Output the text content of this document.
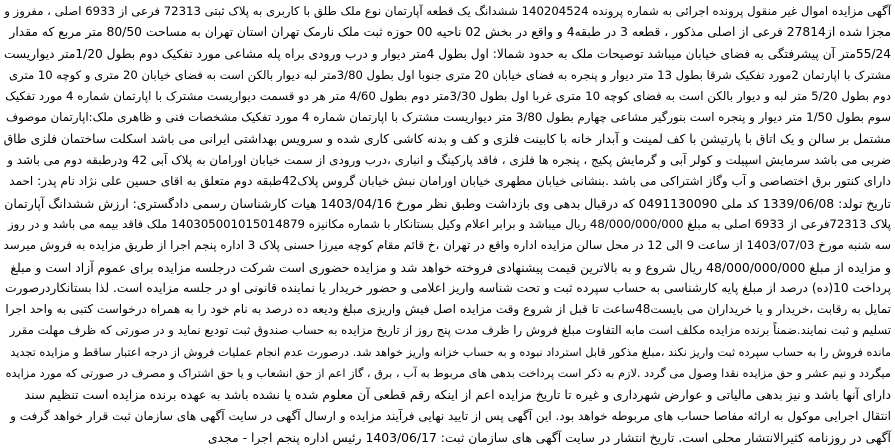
آگهی مزایده اموال غیر منقول پرونده اجرائی به شماره پرونده 140204524 ششدانگ یک قطعه آپارتمان نوع ملک طلق با کاربری به پلاک ثبتی 72313 فرعی از 6933 اصلی ، مفروز و
مجزا شده از27814 فرعی از اصلی مذکور ، قطعه 3 در طبقه4 و واقع در بخش 02 ناحیه 00 حوزه ثبت ملک نارمک تهران استان تهران به مساحت 80/50 متر مربع که مقدار
55/24متر آن پیشرفتگی به فضای خیابان میباشد توصیحات ملک به حدود شمالا: اول بطول 4متر دیوار و درب ورودی براه پله مشاعی مورد تفکیک دوم بطول 1/20متر دیواریست
مشترک با اپارتمان 2مورد تفکیک شرقا بطول 13 متر دیوار و پنجره به فضای خیابان 20 متری جنوبا اول بطول 3/80متر لبه دیوار بالکن است به فضای خیابان 20 متری و کوچه 10 متری
دوم بطول 5/20 متر لبه و دیوار بالکن است به فضای کوچه 10 متری غربا اول بطول 3/30متر دوم بطول 4/60 متر هر دو قسمت دیواریست مشترک با اپارتمان شماره 4 مورد تفکیک
سوم بطول 1/50 متر دیوار و پنجره است بنورگیر مشاعی چهارم بطول 3/80 متر دیواریست مشترک با اپارتمان شماره 4 مورد تفکیک مشخصات فنی و ظاهری ملک:اپارتمان موصوف
مشتمل بر سالن و یک اتاق با پارتیشن با کف لمینت و آبدار خانه با کابینت فلزی و کف و بدنه کاشی کاری شده و سرویس بهداشتی ایرانی می باشد اسکلت ساختمان فلزی طاق
ضربی می باشد سرمایش اسپیلت و کولر آبی و گرمایش پکیج ، پنجره ها فلزی ، فاقد پارکینگ و انباری ،درب ورودی از سمت خیابان اورامان به پلاک آبی 42 ودرطبقه دوم می باشد و
دارای کنتور برق اختصاصی و آب وگاز اشتراکی می باشد .بنشانی خیابان مطهری خیابان اورامان نبش خیابان گروس پلاک42طبقه دوم متعلق به اقای حسین علی نژاد نام پدر: احمد
تاریخ تولد: 1339/06/08 کد ملی 0491130090 که درقبال بدهی وی بازداشت وطبق نظر مورخ 1403/04/16 هیات کارشناسان رسمی دادگستری: ارزش ششدانگ آپارتمان
پلاک 72313فرعی از 6933 اصلی به مبلغ 48/000/000/000 ریال میباشد و برابر اعلام وکیل بستانکار با شماره مکانیزه 140305001015014879 ملک فاقد بیمه می باشد و در روز
سه شنبه مورخ 1403/07/03 از ساعت 9 الی 12 در محل سالن مزایده اداره واقع در تهران ،خ قائم مقام کوچه میرزا حسنی پلاک 3 اداره پنجم اجرا از طریق مزایده به فروش میرسد
و مزایده از مبلغ 48/000/000/000 ریال شروع و به بالاترین قیمت پیشنهادی فروخته خواهد شد و مزایده حضوری است شرکت درجلسه مزایده برای عموم آزاد است و مبلغ
پرداخت 10(ده) درصد از مبلغ پایه کارشناسی به حساب سپرده ثبت و تحت شناسه واریز اعلامی و حضور خریدار یا نماینده قانونی او در جلسه مزایده است. لذا بستانکاردرصورت
تمایل به رقابت ،خریدار و یا خریداران می بایست48ساعت تا قبل از شروع وقت مزایده اصل فیش واریزی مبلغ ودیعه ده درصد به نام خود را به همراه درخواست کتبی به واحد اجرا
تسلیم و ثبت نمایند.ضمناً برنده مزایده مکلف است مابه التفاوت مبلغ فروش را ظرف مدت پنج روز از تاریخ مزایده به حساب صندوق ثبت تودیع نماید و در صورتی که ظرف مهلت مقرر
مانده فروش را به حساب سپرده ثبت واریز نکند ،مبلغ مذکور قابل استرداد نبوده و به حساب خزانه واریز خواهد شد. درصورت عدم انجام عملیات فروش از درجه اعتبار ساقط و مزایده تجدید
میگردد و نیم عشر و حق مزایده نقدا وصول می گردد .لازم به ذکر است پرداخت بدهی های مربوط به آب ، برق ، گاز اعم از حق انشعاب و یا حق اشتراک و مصرف در صورتی که مورد مزایده
دارای آنها باشد و نیز بدهی مالیاتی و عوارض شهرداری و غیره تا تاریخ مزایده اعم از اینکه رقم قطعی آن معلوم شده یا نشده باشد به عهده برنده مزایده است تنظیم سند
انتقال اجرایی موکول به ارائه مفاصا حساب های مربوطه خواهد بود. این آگهی پس از تایید نهایی فرآیند مزایده و ارسال آگهی در سایت آگهی های سازمان ثبت قرار خواهد گرفت و
آگهی در روزنامه کثیرالانتشار محلی است. تاریخ انتشار در سایت آگهی های سازمان ثبت: 1403/06/17 رئیس اداره پنجم اجرا - مجدی
